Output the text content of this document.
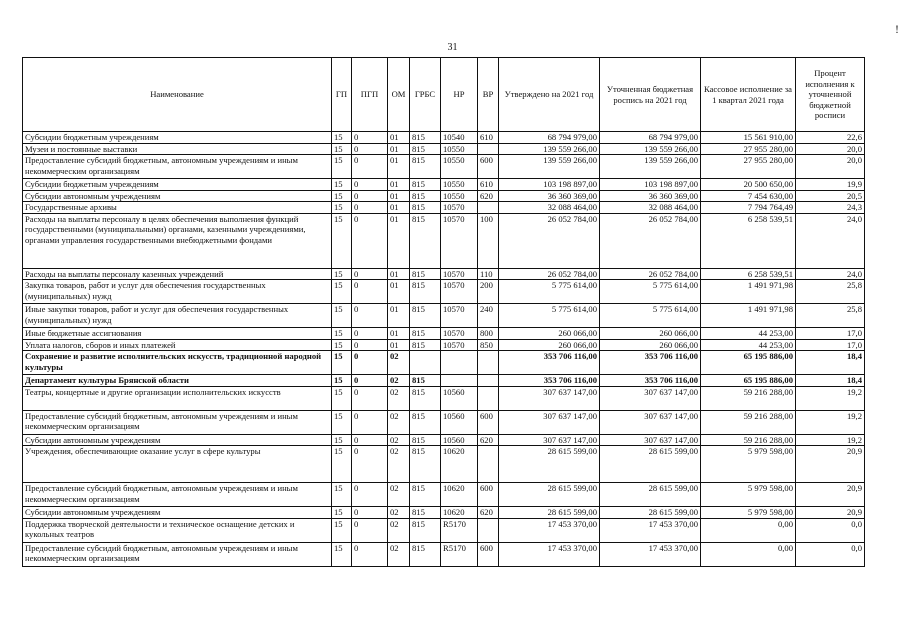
!
31
Наименование	ГП	ПГП	ОМ	ГРБС	НР	ВР	Утверждено на 2021 год	Уточненная бюджетная роспись на 2021 год	Кассовое исполнение за 1 квартал 2021 года	Процент исполнения к уточненной бюджетной росписи
Субсидии бюджетным учреждениям	15	0	01	815	10540	610	68 794 979,00	68 794 979,00	15 561 910,00	22,6
Музеи и постоянные выставки	15	0	01	815	10550		139 559 266,00	139 559 266,00	27 955 280,00	20,0
Предоставление субсидий бюджетным, автономным учреждениям и иным некоммерческим организациям	15	0	01	815	10550	600	139 559 266,00	139 559 266,00	27 955 280,00	20,0
Субсидии бюджетным учреждениям	15	0	01	815	10550	610	103 198 897,00	103 198 897,00	20 500 650,00	19,9
Субсидии автономным учреждениям	15	0	01	815	10550	620	36 360 369,00	36 360 369,00	7 454 630,00	20,5
Государственные архивы	15	0	01	815	10570		32 088 464,00	32 088 464,00	7 794 764,49	24,3
Расходы на выплаты персоналу в целях обеспечения выполнения функций государственными (муниципальными) органами, казенными учреждениями, органами управления государственными внебюджетными фондами	15	0	01	815	10570	100	26 052 784,00	26 052 784,00	6 258 539,51	24,0
Расходы на выплаты персоналу казенных учреждений	15	0	01	815	10570	110	26 052 784,00	26 052 784,00	6 258 539,51	24,0
Закупка товаров, работ и услуг для обеспечения государственных (муниципальных) нужд	15	0	01	815	10570	200	5 775 614,00	5 775 614,00	1 491 971,98	25,8
Иные закупки товаров, работ и услуг для обеспечения государственных (муниципальных) нужд	15	0	01	815	10570	240	5 775 614,00	5 775 614,00	1 491 971,98	25,8
Иные бюджетные ассигнования	15	0	01	815	10570	800	260 066,00	260 066,00	44 253,00	17,0
Уплата налогов, сборов и иных платежей	15	0	01	815	10570	850	260 066,00	260 066,00	44 253,00	17,0
Сохранение и развитие исполнительских искусств, традиционной народной культуры	15	0	02				353 706 116,00	353 706 116,00	65 195 886,00	18,4
Департамент культуры Брянской области	15	0	02	815			353 706 116,00	353 706 116,00	65 195 886,00	18,4
Театры, концертные и другие организации исполнительских искусств	15	0	02	815	10560		307 637 147,00	307 637 147,00	59 216 288,00	19,2
Предоставление субсидий бюджетным, автономным учреждениям и иным некоммерческим организациям	15	0	02	815	10560	600	307 637 147,00	307 637 147,00	59 216 288,00	19,2
Субсидии автономным учреждениям	15	0	02	815	10560	620	307 637 147,00	307 637 147,00	59 216 288,00	19,2
Учреждения, обеспечивающие оказание услуг в сфере культуры	15	0	02	815	10620		28 615 599,00	28 615 599,00	5 979 598,00	20,9
Предоставление субсидий бюджетным, автономным учреждениям и иным некоммерческим организациям	15	0	02	815	10620	600	28 615 599,00	28 615 599,00	5 979 598,00	20,9
Субсидии автономным учреждениям	15	0	02	815	10620	620	28 615 599,00	28 615 599,00	5 979 598,00	20,9
Поддержка творческой деятельности и техническое оснащение детских и кукольных театров	15	0	02	815	R5170		17 453 370,00	17 453 370,00	0,00	0,0
Предоставление субсидий бюджетным, автономным учреждениям и иным некоммерческим организациям	15	0	02	815	R5170	600	17 453 370,00	17 453 370,00	0,00	0,0
